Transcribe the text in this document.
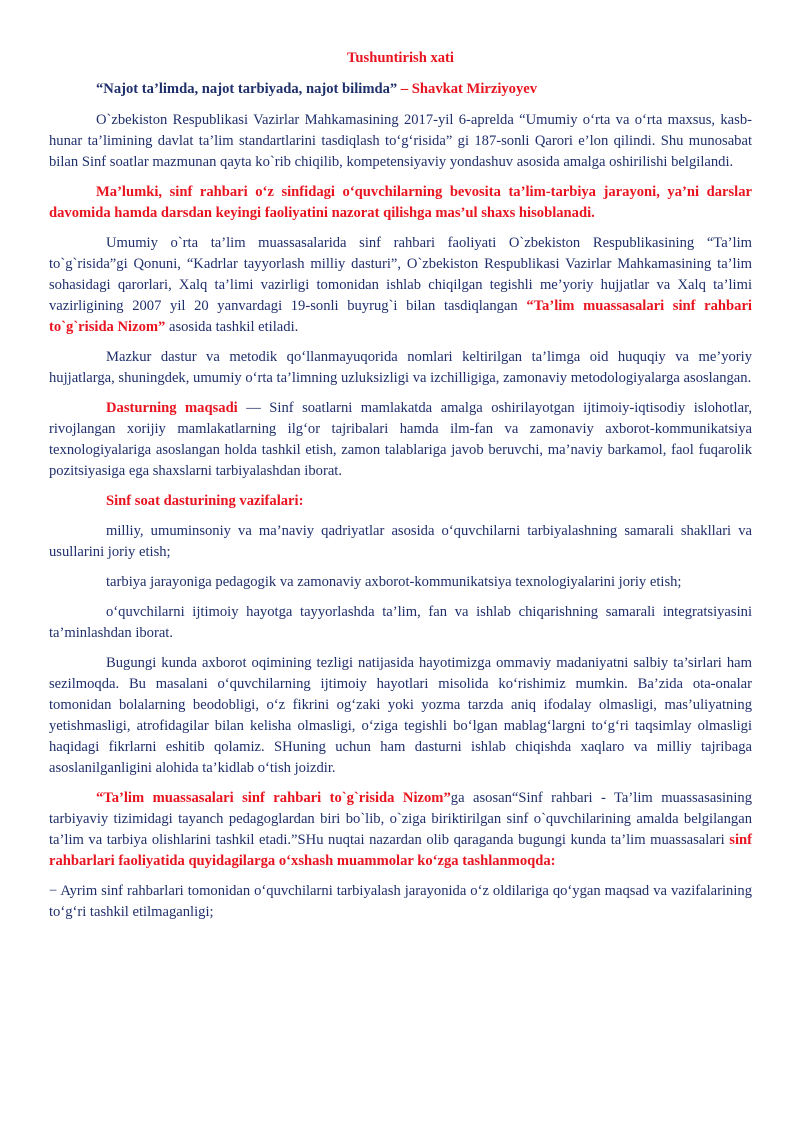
Tushuntirish xati

“Najot ta’limda, najot tarbiyada, najot bilimda” – Shavkat Mirziyoyev

O`zbekiston Respublikasi Vazirlar Mahkamasining 2017-yil 6-aprelda “Umumiy o‘rta va o‘rta maxsus, kasb-hunar ta’limining davlat ta’lim standartlarini tasdiqlash to‘g‘risida” gi 187-sonli Qarori e’lon qilindi. Shu munosabat bilan Sinf soatlar mazmunan qayta ko`rib chiqilib, kompetensiyaviy yondashuv asosida amalga oshirilishi belgilandi.

Ma’lumki, sinf rahbari o‘z sinfidagi o‘quvchilarning bevosita ta’lim-tarbiya jarayoni, ya’ni darslar davomida hamda darsdan keyingi faoliyatini nazorat qilishga mas’ul shaxs hisoblanadi.

Umumiy o`rta ta’lim muassasalarida sinf rahbari faoliyati O`zbekiston Respublikasining “Ta’lim to`g`risida”gi Qonuni, “Kadrlar tayyorlash milliy dasturi”, O`zbekiston Respublikasi Vazirlar Mahkamasining ta’lim sohasidagi qarorlari, Xalq ta’limi vazirligi tomonidan ishlab chiqilgan tegishli me’yoriy hujjatlar va Xalq ta’limi vazirligining 2007 yil 20 yanvardagi 19-sonli buyrug`i bilan tasdiqlangan “Ta’lim muassasalari sinf rahbari to`g`risida Nizom” asosida tashkil etiladi.

Mazkur dastur va metodik qo‘llanmayuqorida nomlari keltirilgan ta’limga oid huquqiy va me’yoriy hujjatlarga, shuningdek, umumiy o‘rta ta’limning uzluksizligi va izchilligiga, zamonaviy metodologiyalarga asoslangan.

Dasturning maqsadi — Sinf soatlarni mamlakatda amalga oshirilayotgan ijtimoiy-iqtisodiy islohotlar, rivojlangan xorijiy mamlakatlarning ilg‘or tajribalari hamda ilm-fan va zamonaviy axborot-kommunikatsiya texnologiyalariga asoslangan holda tashkil etish, zamon talablariga javob beruvchi, ma’naviy barkamol, faol fuqarolik pozitsiyasiga ega shaxslarni tarbiyalashdan iborat.

Sinf soat dasturining vazifalari:

milliy, umuminsoniy va ma’naviy qadriyatlar asosida o‘quvchilarni tarbiyalashning samarali shakllari va usullarini joriy etish;

tarbiya jarayoniga pedagogik va zamonaviy axborot-kommunikatsiya texnologiyalarini joriy etish;

o‘quvchilarni ijtimoiy hayotga tayyorlashda ta’lim, fan va ishlab chiqarishning samarali integratsiyasini ta’minlashdan iborat.

Bugungi kunda axborot oqimining tezligi natijasida hayotimizga ommaviy madaniyatni salbiy ta’sirlari ham sezilmoqda. Bu masalani o‘quvchilarning ijtimoiy hayotlari misolida ko‘rishimiz mumkin. Ba’zida ota-onalar tomonidan bolalarning beodobligi, o‘z fikrini og‘zaki yoki yozma tarzda aniq ifodalay olmasligi, mas’uliyatning yetishmasligi, atrofidagilar bilan kelisha olmasligi, o‘ziga tegishli bo‘lgan mablag‘largni to‘g‘ri taqsimlay olmasligi haqidagi fikrlarni eshitib qolamiz. SHuning uchun ham dasturni ishlab chiqishda xaqlaro va milliy tajribaga asoslanilganligini alohida ta’kidlab o‘tish joizdir.

“Ta’lim muassasalari sinf rahbari to`g`risida Nizom”ga asosan“Sinf rahbari - Ta’lim muassasasining tarbiyaviy tizimidagi tayanch pedagoglardan biri bo`lib, o`ziga biriktirilgan sinf o`quvchilarining amalda belgilangan ta’lim va tarbiya olishlarini tashkil etadi.”SHu nuqtai nazardan olib qaraganda bugungi kunda ta’lim muassasalari sinf rahbarlari faoliyatida quyidagilarga o‘xshash muammolar ko‘zga tashlanmoqda:

− Ayrim sinf rahbarlari tomonidan o‘quvchilarni tarbiyalash jarayonida o‘z oldilariga qo‘ygan maqsad va vazifalarining to‘g‘ri tashkil etilmaganligi;
